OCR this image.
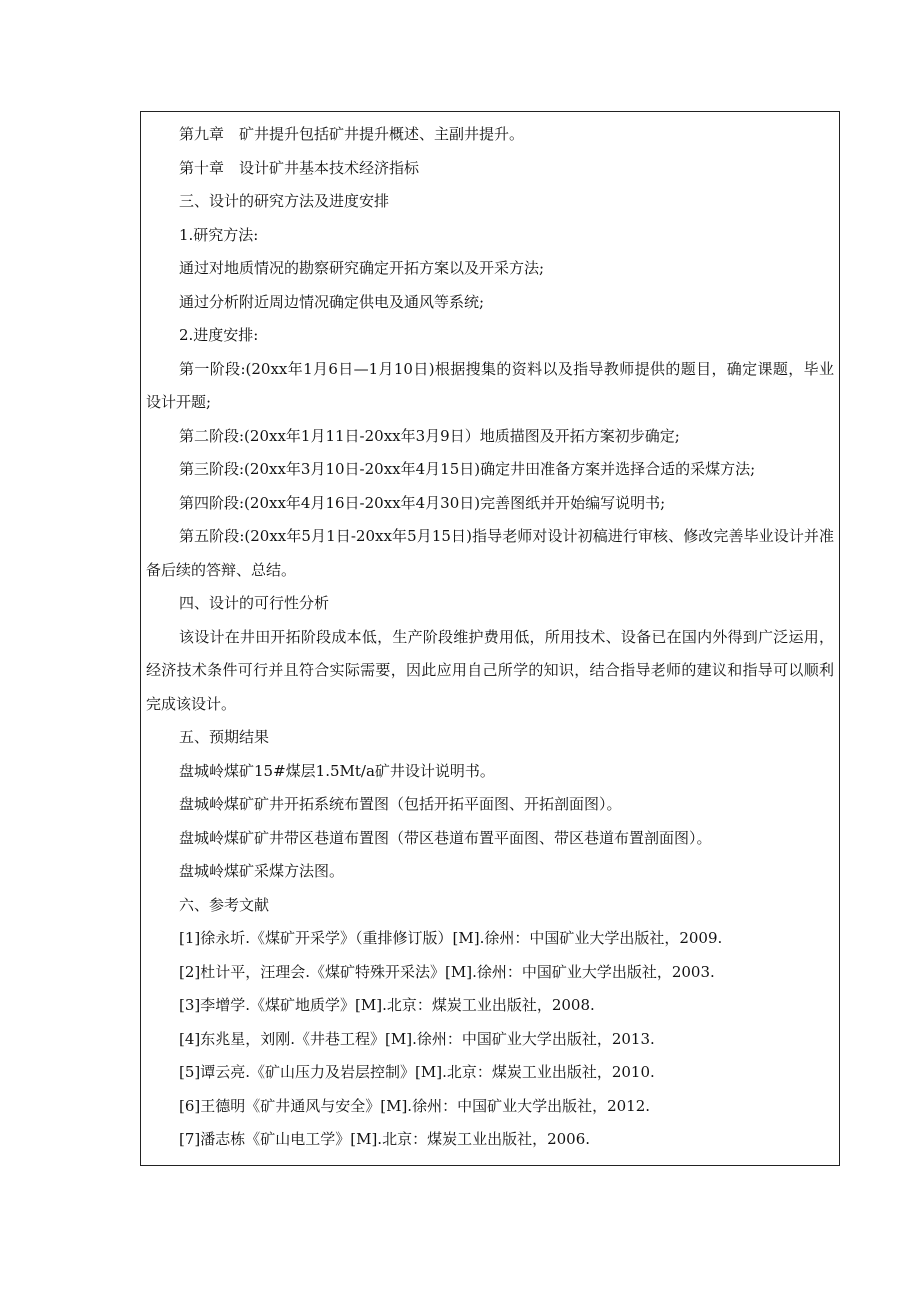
第九章　矿井提升包括矿井提升概述、主副井提升。
第十章　设计矿井基本技术经济指标
三、设计的研究方法及进度安排
1.研究方法:
通过对地质情况的勘察研究确定开拓方案以及开采方法;
通过分析附近周边情况确定供电及通风等系统;
2.进度安排:
第一阶段:(20xx年1月6日—1月10日)根据搜集的资料以及指导教师提供的题目，确定课题，毕业设计开题;
第二阶段:(20xx年1月11日-20xx年3月9日）地质描图及开拓方案初步确定;
第三阶段:(20xx年3月10日-20xx年4月15日)确定井田准备方案并选择合适的采煤方法;
第四阶段:(20xx年4月16日-20xx年4月30日)完善图纸并开始编写说明书;
第五阶段:(20xx年5月1日-20xx年5月15日)指导老师对设计初稿进行审核、修改完善毕业设计并准备后续的答辩、总结。
四、设计的可行性分析
该设计在井田开拓阶段成本低，生产阶段维护费用低，所用技术、设备已在国内外得到广泛运用，经济技术条件可行并且符合实际需要，因此应用自己所学的知识，结合指导老师的建议和指导可以顺利完成该设计。
五、预期结果
盘城岭煤矿15#煤层1.5Mt/a矿井设计说明书。
盘城岭煤矿矿井开拓系统布置图（包括开拓平面图、开拓剖面图）。
盘城岭煤矿矿井带区巷道布置图（带区巷道布置平面图、带区巷道布置剖面图）。
盘城岭煤矿采煤方法图。
六、参考文献
[1]徐永圻.《煤矿开采学》（重排修订版）[M].徐州：中国矿业大学出版社，2009.
[2]杜计平，汪理会.《煤矿特殊开采法》[M].徐州：中国矿业大学出版社，2003.
[3]李增学.《煤矿地质学》[M].北京：煤炭工业出版社，2008.
[4]东兆星，刘刚.《井巷工程》[M].徐州：中国矿业大学出版社，2013.
[5]谭云亮.《矿山压力及岩层控制》[M].北京：煤炭工业出版社，2010.
[6]王德明《矿井通风与安全》[M].徐州：中国矿业大学出版社，2012.
[7]潘志栋《矿山电工学》[M].北京：煤炭工业出版社，2006.
